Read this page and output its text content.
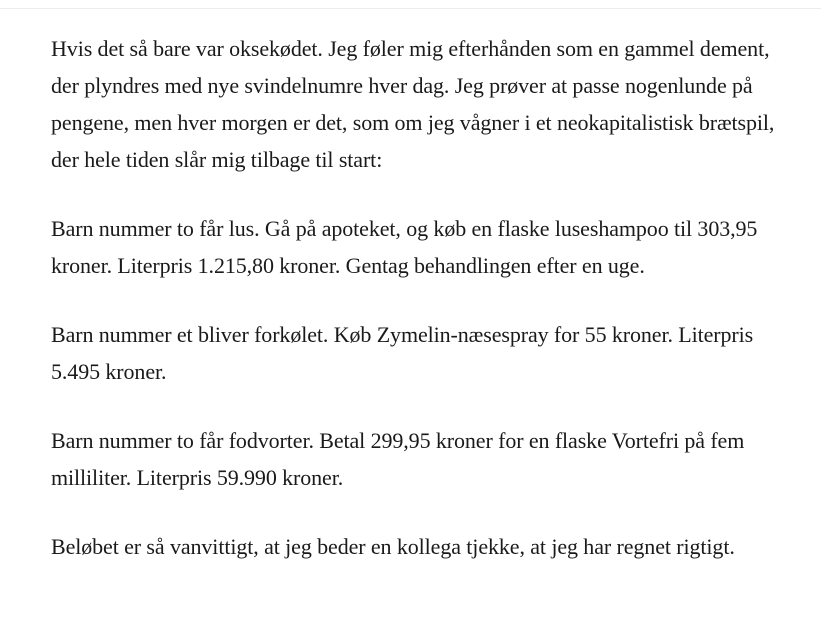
Hvis det så bare var oksekødet. Jeg føler mig efterhånden som en gammel dement, der plyndres med nye svindelnumre hver dag. Jeg prøver at passe nogenlunde på pengene, men hver morgen er det, som om jeg vågner i et neokapitalistisk brætspil, der hele tiden slår mig tilbage til start:

Barn nummer to får lus. Gå på apoteket, og køb en flaske luseshampoo til 303,95 kroner. Literpris 1.215,80 kroner. Gentag behandlingen efter en uge.

Barn nummer et bliver forkølet. Køb Zymelin-næsespray for 55 kroner. Literpris 5.495 kroner.

Barn nummer to får fodvorter. Betal 299,95 kroner for en flaske Vortefri på fem milliliter. Literpris 59.990 kroner.

Beløbet er så vanvittigt, at jeg beder en kollega tjekke, at jeg har regnet rigtigt.
